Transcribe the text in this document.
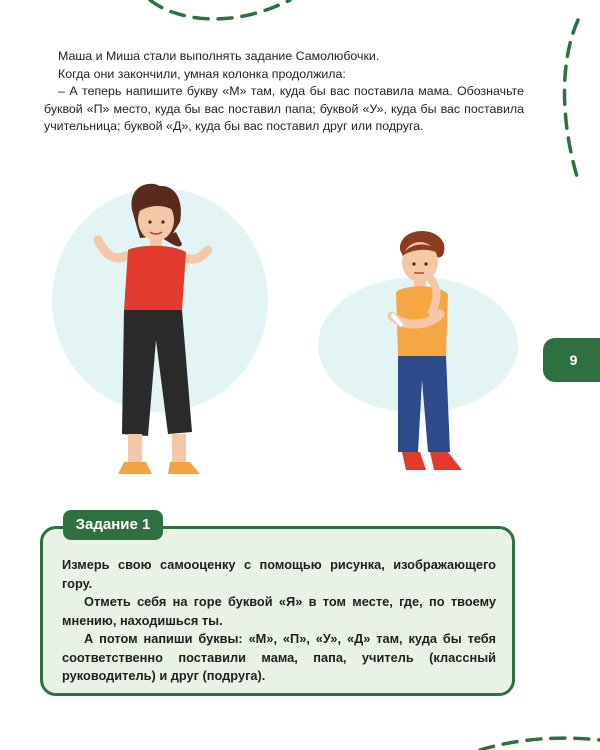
Маша и Миша стали выполнять задание Самолюбочки.

Когда они закончили, умная колонка продолжила:

– А теперь напишите букву «М» там, куда бы вас поставила мама. Обозначьте буквой «П» место, куда бы вас поставил папа; буквой «У», куда бы вас поставила учительница; буквой «Д», куда бы вас поставил друг или подруга.

9
Задание 1

Измерь свою самооценку с помощью рисунка, изображающего гору.

Отметь себя на горе буквой «Я» в том месте, где, по твоему мнению, находишься ты.

А потом напиши буквы: «М», «П», «У», «Д» там, куда бы тебя соответственно поставили мама, папа, учитель (классный руководитель) и друг (подруга).
